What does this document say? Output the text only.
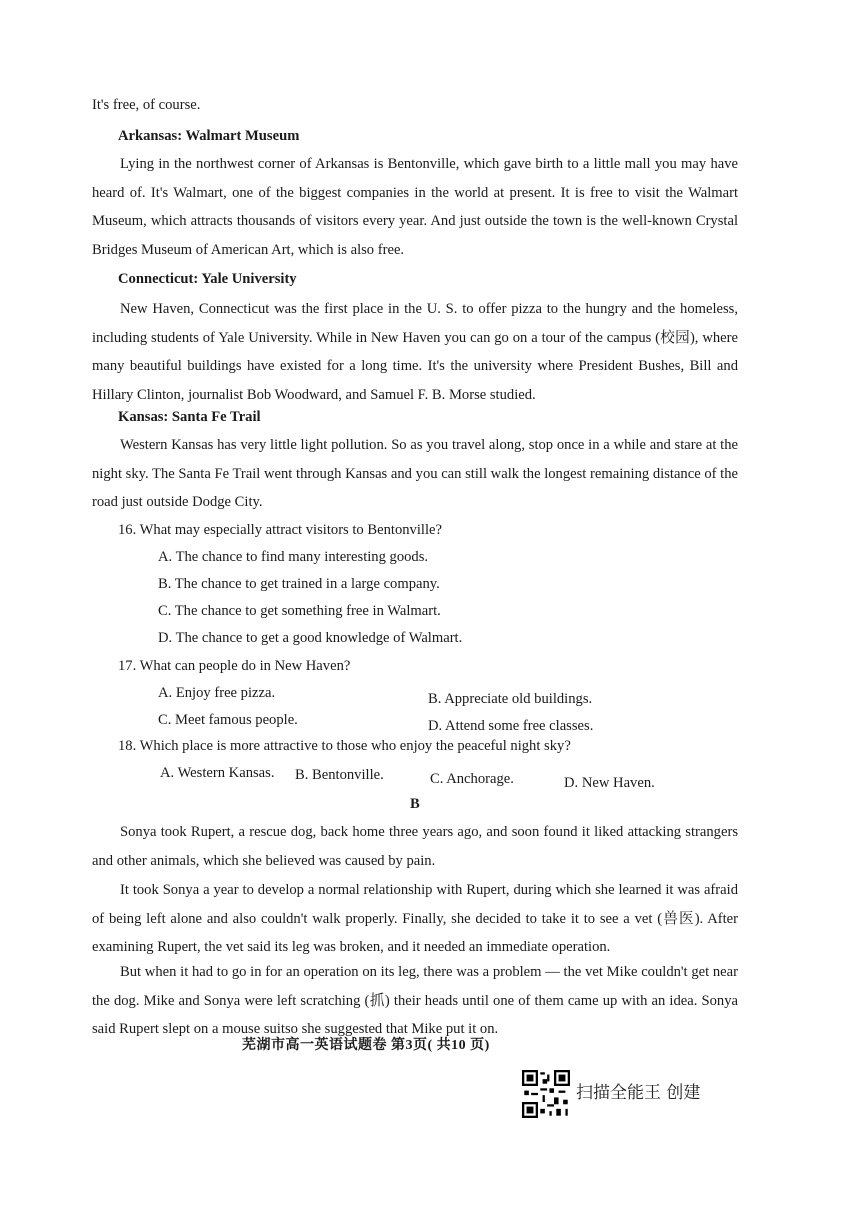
It's free, of course.
Arkansas: Walmart Museum
Lying in the northwest corner of Arkansas is Bentonville, which gave birth to a little mall you may have heard of. It's Walmart, one of the biggest companies in the world at present. It is free to visit the Walmart Museum, which attracts thousands of visitors every year. And just outside the town is the well-known Crystal Bridges Museum of American Art, which is also free.
Connecticut: Yale University
New Haven, Connecticut was the first place in the U. S. to offer pizza to the hungry and the homeless, including students of Yale University. While in New Haven you can go on a tour of the campus (校园), where many beautiful buildings have existed for a long time. It's the university where President Bushes, Bill and Hillary Clinton, journalist Bob Woodward, and Samuel F. B. Morse studied.
Kansas: Santa Fe Trail
Western Kansas has very little light pollution. So as you travel along, stop once in a while and stare at the night sky. The Santa Fe Trail went through Kansas and you can still walk the longest remaining distance of the road just outside Dodge City.
16. What may especially attract visitors to Bentonville?
A. The chance to find many interesting goods.
B. The chance to get trained in a large company.
C. The chance to get something free in Walmart.
D. The chance to get a good knowledge of Walmart.
17. What can people do in New Haven?
A. Enjoy free pizza.	B. Appreciate old buildings.
C. Meet famous people.	D. Attend some free classes.
18. Which place is more attractive to those who enjoy the peaceful night sky?
A. Western Kansas. B. Bentonville.	C. Anchorage.	D. New Haven.
B
Sonya took Rupert, a rescue dog, back home three years ago, and soon found it liked attacking strangers and other animals, which she believed was caused by pain.
It took Sonya a year to develop a normal relationship with Rupert, during which she learned it was afraid of being left alone and also couldn't walk properly. Finally, she decided to take it to see a vet (兽医). After examining Rupert, the vet said its leg was broken, and it needed an immediate operation.
But when it had to go in for an operation on its leg, there was a problem — the vet Mike couldn't get near the dog. Mike and Sonya were left scratching (抓) their heads until one of them came up with an idea. Sonya said Rupert slept on a mouse suitso she suggested that Mike put it on.
芜湖市高一英语试题卷 第3页( 共10 页)
扫描全能王 创建
